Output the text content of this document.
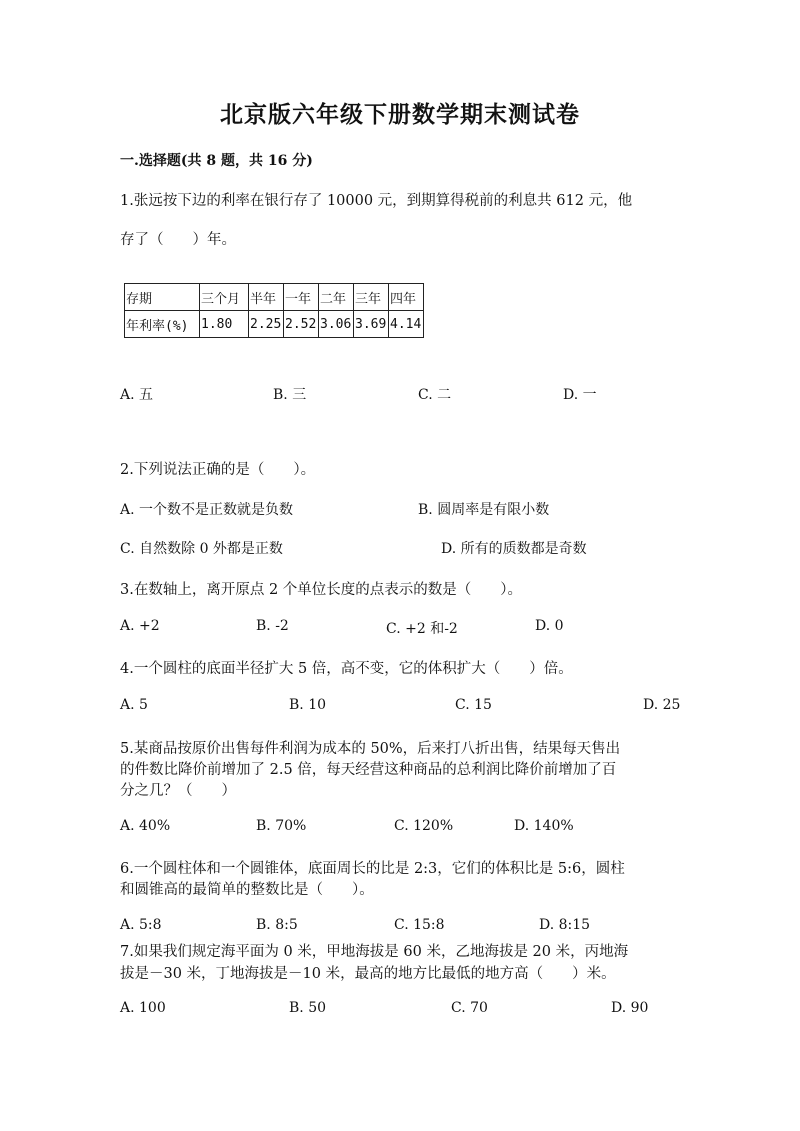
北京版六年级下册数学期末测试卷
一.选择题(共 8 题，共 16 分)
1.张远按下边的利率在银行存了 10000 元，到期算得税前的利息共 612 元，他
存了（　　）年。
存期	三个月	半年	一年	二年	三年	四年
年利率(%)	1.80	2.25	2.52	3.06	3.69	4.14
A. 五	B. 三	C. 二	D. 一
2.下列说法正确的是（　　）。
A. 一个数不是正数就是负数	B. 圆周率是有限小数
C. 自然数除 0 外都是正数	D. 所有的质数都是奇数
3.在数轴上，离开原点 2 个单位长度的点表示的数是（　　）。
A. +2	B. -2	C. +2 和-2	D. 0
4.一个圆柱的底面半径扩大 5 倍，高不变，它的体积扩大（　　）倍。
A. 5	B. 10	C. 15	D. 25
5.某商品按原价出售每件利润为成本的 50%，后来打八折出售，结果每天售出
的件数比降价前增加了 2.5 倍，每天经营这种商品的总利润比降价前增加了百
分之几？（　　）
A. 40%	B. 70%	C. 120%	D. 140%
6.一个圆柱体和一个圆锥体，底面周长的比是 2:3，它们的体积比是 5:6，圆柱
和圆锥高的最简单的整数比是（　　）。
A. 5:8	B. 8:5	C. 15:8	D. 8:15
7.如果我们规定海平面为 0 米，甲地海拔是 60 米，乙地海拔是 20 米，丙地海
拔是－30 米，丁地海拔是－10 米，最高的地方比最低的地方高（　　）米。
A. 100	B. 50	C. 70	D. 90
